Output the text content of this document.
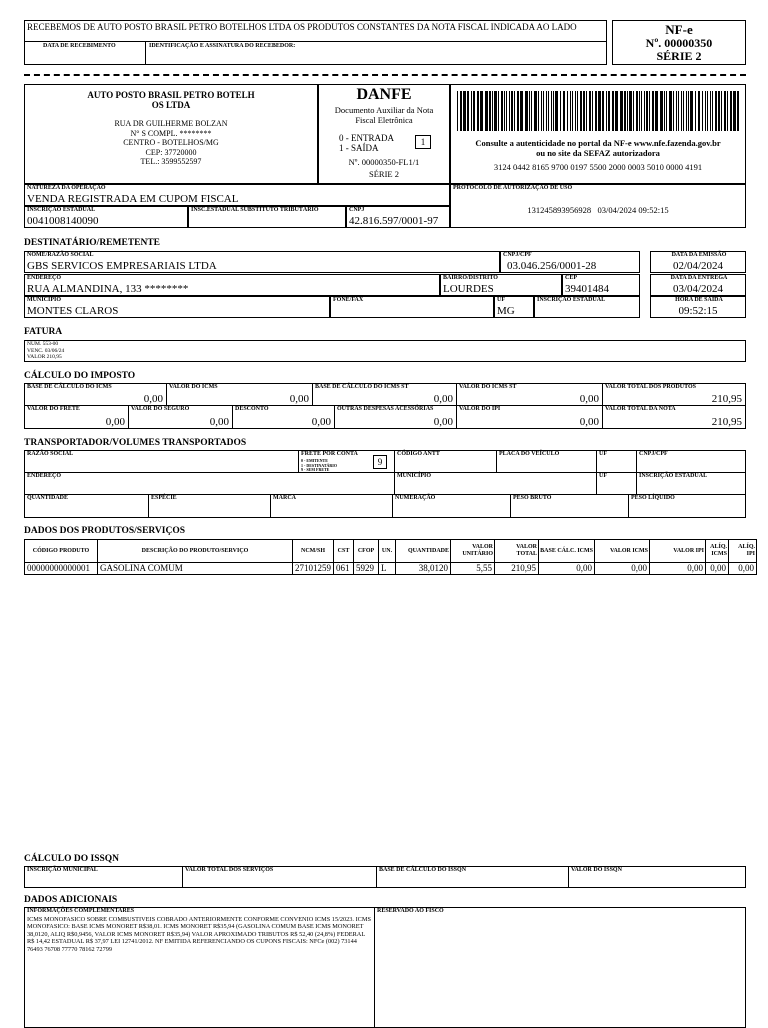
RECEBEMOS DE AUTO POSTO BRASIL PETRO BOTELHOS LTDA OS PRODUTOS CONSTANTES DA NOTA FISCAL INDICADA AO LADO
DATA DE RECEBIMENTO	IDENTIFICAÇÃO E ASSINATURA DO RECEBEDOR:
NF-e
Nº. 00000350
SÉRIE 2
AUTO POSTO BRASIL PETRO BOTELH
OS LTDA
RUA DR GUILHERME BOLZAN
N° S COMPL. ********
CENTRO - BOTELHOS/MG
CEP: 37720000
TEL.: 3599552597
DANFE
Documento Auxiliar da Nota
Fiscal Eletrônica
0 - ENTRADA
1 - SAÍDA
1
Nº. 00000350-FL1/1
SÉRIE 2
Consulte a autenticidade no portal da NF-e www.nfe.fazenda.gov.br
ou no site da SEFAZ autorizadora
3124 0442 8165 9700 0197 5500 2000 0003 5010 0000 4191
NATUREZA DA OPERAÇÃO
VENDA REGISTRADA EM CUPOM FISCAL
PROTOCOLO DE AUTORIZAÇÃO DE USO
131245893956928   03/04/2024 09:52:15
INSCRIÇÃO ESTADUAL
0041008140090
INSC.ESTADUAL SUBSTITUTO TRIBUTÁRIO	CNPJ
42.816.597/0001-97
DESTINATÁRIO/REMETENTE
NOME/RAZÃO SOCIAL
GBS SERVICOS EMPRESARIAIS LTDA
CNPJ/CPF
03.046.256/0001-28
ENDEREÇO
RUA ALMANDINA, 133 ********
BAIRRO/DISTRITO
LOURDES
CEP
39401484
MUNICÍPIO
MONTES CLAROS
FONE/FAX	UF
MG
INSCRIÇÃO ESTADUAL
DATA DA EMISSÃO
02/04/2024
DATA DA ENTREGA
03/04/2024
HORA DE SAÍDA
09:52:15
FATURA
NUM. 553-00
VENC. 03/06/24
VALOR 210,95
CÁLCULO DO IMPOSTO
BASE DE CÁLCULO DO ICMS
0,00
VALOR DO ICMS
0,00
BASE DE CÁLCULO DO ICMS ST
0,00
VALOR DO ICMS ST
0,00
VALOR TOTAL DOS PRODUTOS
210,95
VALOR DO FRETE
0,00
VALOR DO SEGURO
0,00
DESCONTO
0,00
OUTRAS DESPESAS ACESSÓRIAS
0,00
VALOR DO IPI
0,00
VALOR TOTAL DA NOTA
210,95
TRANSPORTADOR/VOLUMES TRANSPORTADOS
RAZÃO SOCIAL	FRETE POR CONTA
0 - EMITENTE
1 - DESTINATÁRIO
9 - SEM FRETE
9
CÓDIGO ANTT	PLACA DO VEÍCULO	UF	CNPJ/CPF
ENDEREÇO	MUNICÍPIO	UF	INSCRIÇÃO ESTADUAL
QUANTIDADE	ESPÉCIE	MARCA	NUMERAÇÃO	PESO BRUTO	PESO LÍQUIDO
DADOS DOS PRODUTOS/SERVIÇOS
CÓDIGO PRODUTO	DESCRIÇÃO DO PRODUTO/SERVIÇO	NCM/SH	CST	CFOP	UN.	QUANTIDADE	VALOR UNITÁRIO	VALOR TOTAL	BASE CÁLC. ICMS	VALOR ICMS	VALOR IPI	ALÍQ. ICMS	ALÍQ. IPI
00000000000001	GASOLINA COMUM	27101259	061	5929	L	38,0120	5,55	210,95	0,00	0,00	0,00	0,00	0,00
CÁLCULO DO ISSQN
INSCRIÇÃO MUNICIPAL	VALOR TOTAL DOS SERVIÇOS	BASE DE CÁLCULO DO ISSQN	VALOR DO ISSQN
DADOS ADICIONAIS
INFORMAÇÕES COMPLEMENTARES
ICMS MONOFASICO SOBRE COMBUSTIVEIS COBRADO ANTERIORMENTE CONFORME CONVENIO ICMS 15/2023. ICMS MONOFASICO: BASE ICMS MONORET R$38,01. ICMS MONORET R$35,94 (GASOLINA COMUM BASE ICMS MONORET 38,0120, ALIQ R$0,9456, VALOR ICMS MONORET R$35,94) VALOR APROXIMADO TRIBUTOS R$ 52,40 (24,8%) FEDERAL R$ 14,42 ESTADUAL R$ 37,97 LEI 12741/2012. NF EMITIDA REFERENCIANDO OS CUPONS FISCAIS: NFCe (002) 73144 76493 76708 77770 78162 72799
RESERVADO AO FISCO
